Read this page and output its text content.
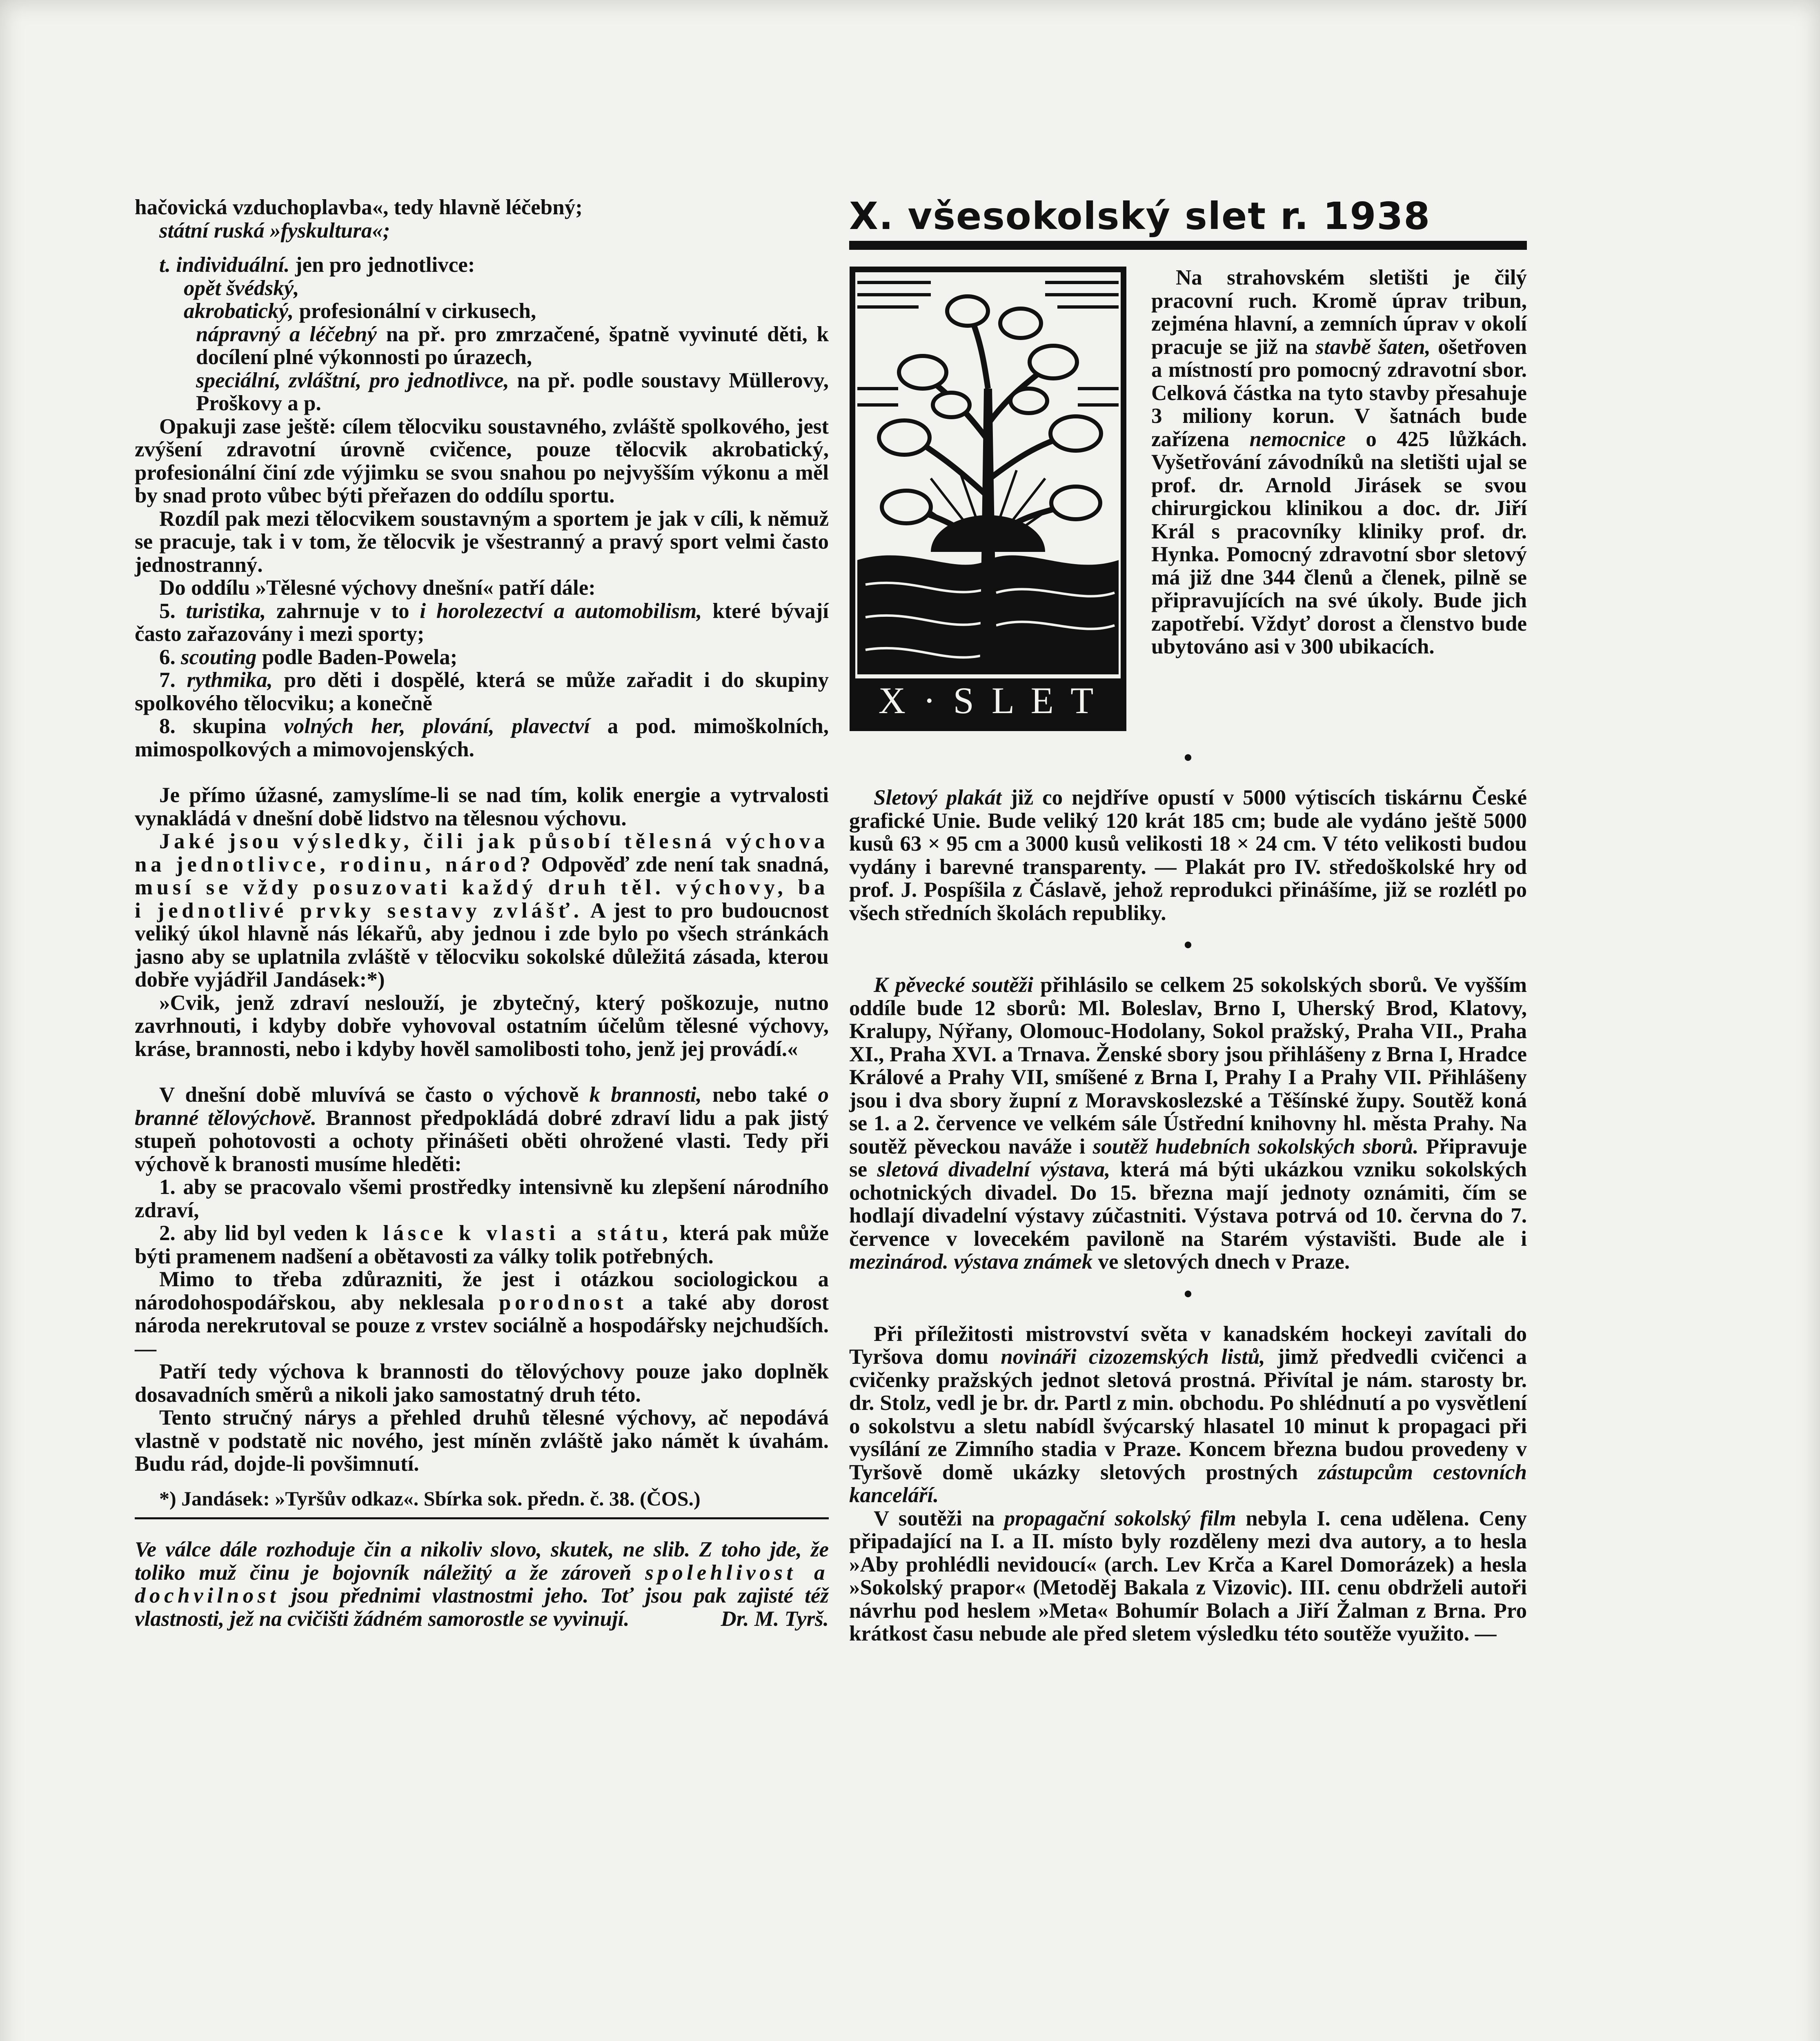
hačovická vzduchoplavba«, tedy hlavně léčebný;

státní ruská »fyskultura«;

t. individuální. jen pro jednotlivce:

opět švédský,

akrobatický, profesionální v cirkusech,

nápravný a léčebný na př. pro zmrzačené, špatně vyvinuté děti, k docílení plné výkonnosti po úrazech,

speciální, zvláštní, pro jednotlivce, na př. podle soustavy Müllerovy, Proškovy a p.

Opakuji zase ještě: cílem tělocviku soustavného, zvláště spolkového, jest zvýšení zdravotní úrovně cvičence, pouze tělocvik akrobatický, profesionální činí zde výjimku se svou snahou po nejvyšším výkonu a měl by snad proto vůbec býti přeřazen do oddílu sportu.

Rozdíl pak mezi tělocvikem soustavným a sportem je jak v cíli, k němuž se pracuje, tak i v tom, že tělocvik je všestranný a pravý sport velmi často jednostranný.

Do oddílu »Tělesné výchovy dnešní« patří dále:

5. turistika, zahrnuje v to i horolezectví a automobilism, které bývají často zařazovány i mezi sporty;

6. scouting podle Baden-Powela;

7. rythmika, pro děti i dospělé, která se může zařadit i do skupiny spolkového tělocviku; a konečně

8. skupina volných her, plování, plavectví a pod. mimoškolních, mimospolkových a mimovojenských.

Je přímo úžasné, zamyslíme-li se nad tím, kolik energie a vytrvalosti vynakládá v dnešní době lidstvo na tělesnou výchovu.

Jaké jsou výsledky, čili jak působí tělesná výchova na jednotlivce, rodinu, národ? Odpověď zde není tak snadná, musí se vždy posuzovati každý druh těl. výchovy, ba i jednotlivé prvky sestavy zvlášť. A jest to pro budoucnost veliký úkol hlavně nás lékařů, aby jednou i zde bylo po všech stránkách jasno aby se uplatnila zvláště v tělocviku sokolské důležitá zásada, kterou dobře vyjádřil Jandásek:*)

»Cvik, jenž zdraví neslouží, je zbytečný, který poškozuje, nutno zavrhnouti, i kdyby dobře vyhovoval ostatním účelům tělesné výchovy, kráse, brannosti, nebo i kdyby hověl samolibosti toho, jenž jej provádí.«

V dnešní době mluvívá se často o výchově k brannosti, nebo také o branné tělovýchově. Brannost předpokládá dobré zdraví lidu a pak jistý stupeň pohotovosti a ochoty přinášeti oběti ohrožené vlasti. Tedy při výchově k branosti musíme hleděti:

1. aby se pracovalo všemi prostředky intensivně ku zlepšení národního zdraví,

2. aby lid byl veden k lásce k vlasti a státu, která pak může býti pramenem nadšení a obětavosti za války tolik potřebných.

Mimo to třeba zdůrazniti, že jest i otázkou sociologickou a národohospodářskou, aby neklesala porodnost a také aby dorost národa nerekrutoval se pouze z vrstev sociálně a hospodářsky nejchudších. —

Patří tedy výchova k brannosti do tělovýchovy pouze jako doplněk dosavadních směrů a nikoli jako samostatný druh této.

Tento stručný nárys a přehled druhů tělesné výchovy, ač nepodává vlastně v podstatě nic nového, jest míněn zvláště jako námět k úvahám. Budu rád, dojde-li povšimnutí.

*) Jandásek: »Tyršův odkaz«. Sbírka sok. předn. č. 38. (ČOS.)

Ve válce dále rozhoduje čin a nikoliv slovo, skutek, ne slib. Z toho jde, že toliko muž činu je bojovník náležitý a že zároveň spolehlivost a dochvilnost jsou přednimi vlastnostmi jeho. Toť jsou pak zajisté též vlastnosti, jež na cvičišti žádném samorostle se vyvinují.	Dr. M. Tyrš.

X. všesokolský slet r. 1938
X · S L E T

Na strahovském sletišti je čilý pracovní ruch. Kromě úprav tribun, zejména hlavní, a zemních úprav v okolí pracuje se již na stavbě šaten, ošetřoven a místností pro pomocný zdravotní sbor. Celková částka na tyto stavby přesahuje 3 miliony korun. V šatnách bude zařízena nemocnice o 425 lůžkách. Vyšetřování závodníků na sletišti ujal se prof. dr. Arnold Jirásek se svou chirurgickou klinikou a doc. dr. Jiří Král s pracovníky kliniky prof. dr. Hynka. Pomocný zdravotní sbor sletový má již dne 344 členů a členek, pilně se připravujících na své úkoly. Bude jich zapotřebí. Vždyť dorost a členstvo bude ubytováno asi v 300 ubikacích.

•

Sletový plakát již co nejdříve opustí v 5000 výtiscích tiskárnu České grafické Unie. Bude veliký 120 krát 185 cm; bude ale vydáno ještě 5000 kusů 63 × 95 cm a 3000 kusů velikosti 18 × 24 cm. V této velikosti budou vydány i barevné transparenty. — Plakát pro IV. středoškolské hry od prof. J. Pospíšila z Čáslavě, jehož reprodukci přinášíme, již se rozlétl po všech středních školách republiky.

•

K pěvecké soutěži přihlásilo se celkem 25 sokolských sborů. Ve vyšším oddíle bude 12 sborů: Ml. Boleslav, Brno I, Uherský Brod, Klatovy, Kralupy, Nýřany, Olomouc-Hodolany, Sokol pražský, Praha VII., Praha XI., Praha XVI. a Trnava. Ženské sbory jsou přihlášeny z Brna I, Hradce Králové a Prahy VII, smíšené z Brna I, Prahy I a Prahy VII. Přihlášeny jsou i dva sbory župní z Moravskoslezské a Těšínské župy. Soutěž koná se 1. a 2. července ve velkém sále Ústřední knihovny hl. města Prahy. Na soutěž pěveckou naváže i soutěž hudebních sokolských sborů. Připravuje se sletová divadelní výstava, která má býti ukázkou vzniku sokolských ochotnických divadel. Do 15. března mají jednoty oznámiti, čím se hodlají divadelní výstavy zúčastniti. Výstava potrvá od 10. června do 7. července v lovecekém pavilonĕ na Starém výstavišti. Bude ale i mezinárod. výstava známek ve sletových dnech v Praze.

•

Při příležitosti mistrovství světa v kanadském hockeyi zavítali do Tyršova domu novináři cizozemských listů, jimž předvedli cvičenci a cvičenky pražských jednot sletová prostná. Přivítal je nám. starosty br. dr. Stolz, vedl je br. dr. Partl z min. obchodu. Po shlédnutí a po vysvětlení o sokolstvu a sletu nabídl švýcarský hlasatel 10 minut k propagaci při vysílání ze Zimního stadia v Praze. Koncem března budou provedeny v Tyršově domě ukázky sletových prostných zástupcům cestovních kanceláří.

V soutěži na propagační sokolský film nebyla I. cena udělena. Ceny připadající na I. a II. místo byly rozděleny mezi dva autory, a to hesla »Aby prohlédli nevidoucí« (arch. Lev Krča a Karel Domorázek) a hesla »Sokolský prapor« (Metoděj Bakala z Vizovic). III. cenu obdrželi autoři návrhu pod heslem »Meta« Bohumír Bolach a Jiří Žalman z Brna. Pro krátkost času nebude ale před sletem výsledku této soutěže využito. —
